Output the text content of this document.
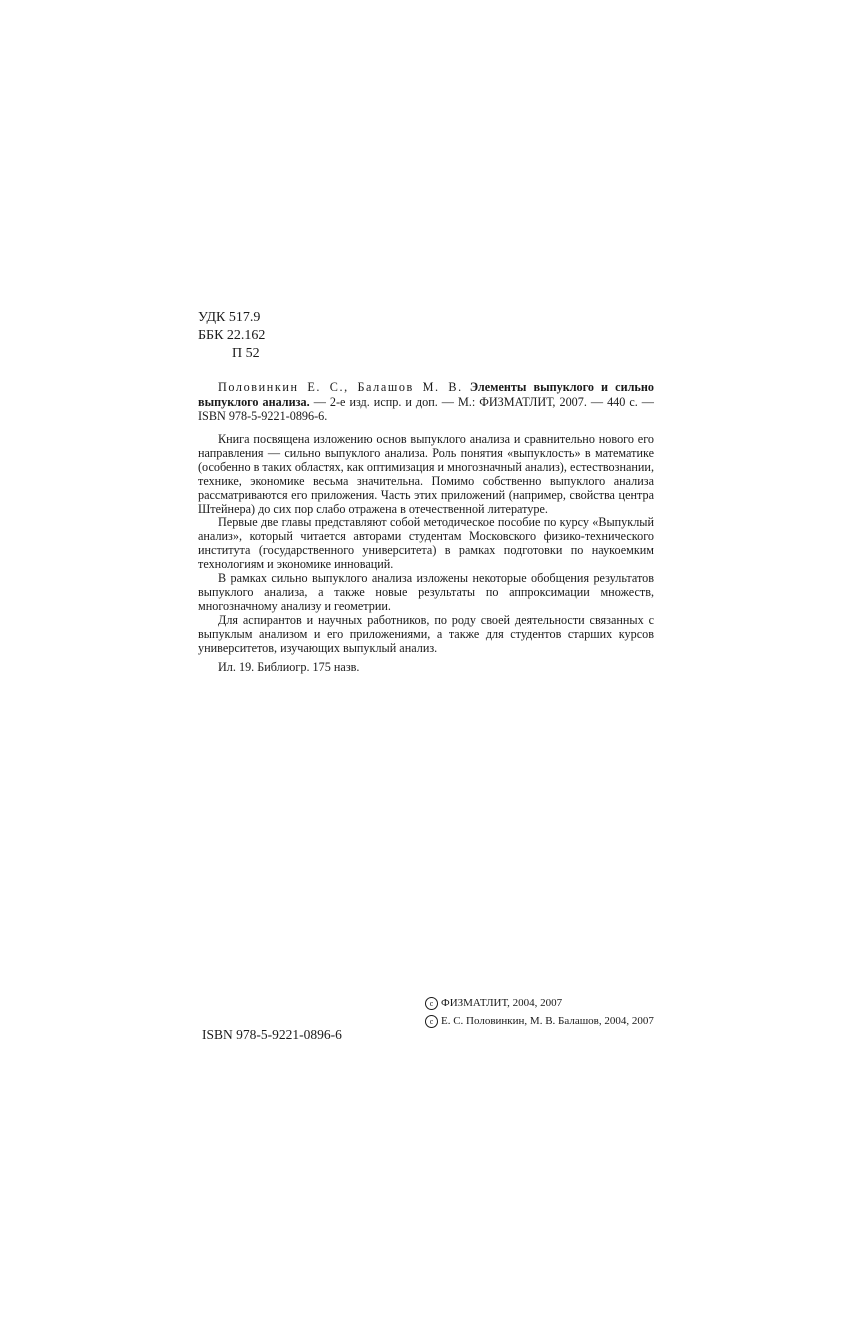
УДК 517.9
ББК 22.162
П 52
Половинкин Е. С., Балашов М. В. Элементы выпуклого и сильно выпуклого анализа. — 2-е изд. испр. и доп. — М.: ФИЗМАТЛИТ, 2007. — 440 с. — ISBN 978-5-9221-0896-6.

Книга посвящена изложению основ выпуклого анализа и сравнительно нового его направления — сильно выпуклого анализа. Роль понятия «выпуклость» в математике (особенно в таких областях, как оптимизация и многозначный анализ), естествознании, технике, экономике весьма значительна. Помимо собственно выпуклого анализа рассматриваются его приложения. Часть этих приложений (например, свойства центра Штейнера) до сих пор слабо отражена в отечественной литературе.

Первые две главы представляют собой методическое пособие по курсу «Выпуклый анализ», который читается авторами студентам Московского физико-технического института (государственного университета) в рамках подготовки по наукоемким технологиям и экономике инноваций.

В рамках сильно выпуклого анализа изложены некоторые обобщения результатов выпуклого анализа, а также новые результаты по аппроксимации множеств, многозначному анализу и геометрии.

Для аспирантов и научных работников, по роду своей деятельности связанных с выпуклым анализом и его приложениями, а также для студентов старших курсов университетов, изучающих выпуклый анализ.

Ил. 19. Библиогр. 175 назв.

ISBN 978-5-9221-0896-6
c ФИЗМАТЛИТ, 2004, 2007
c Е. С. Половинкин, М. В. Балашов, 2004, 2007
